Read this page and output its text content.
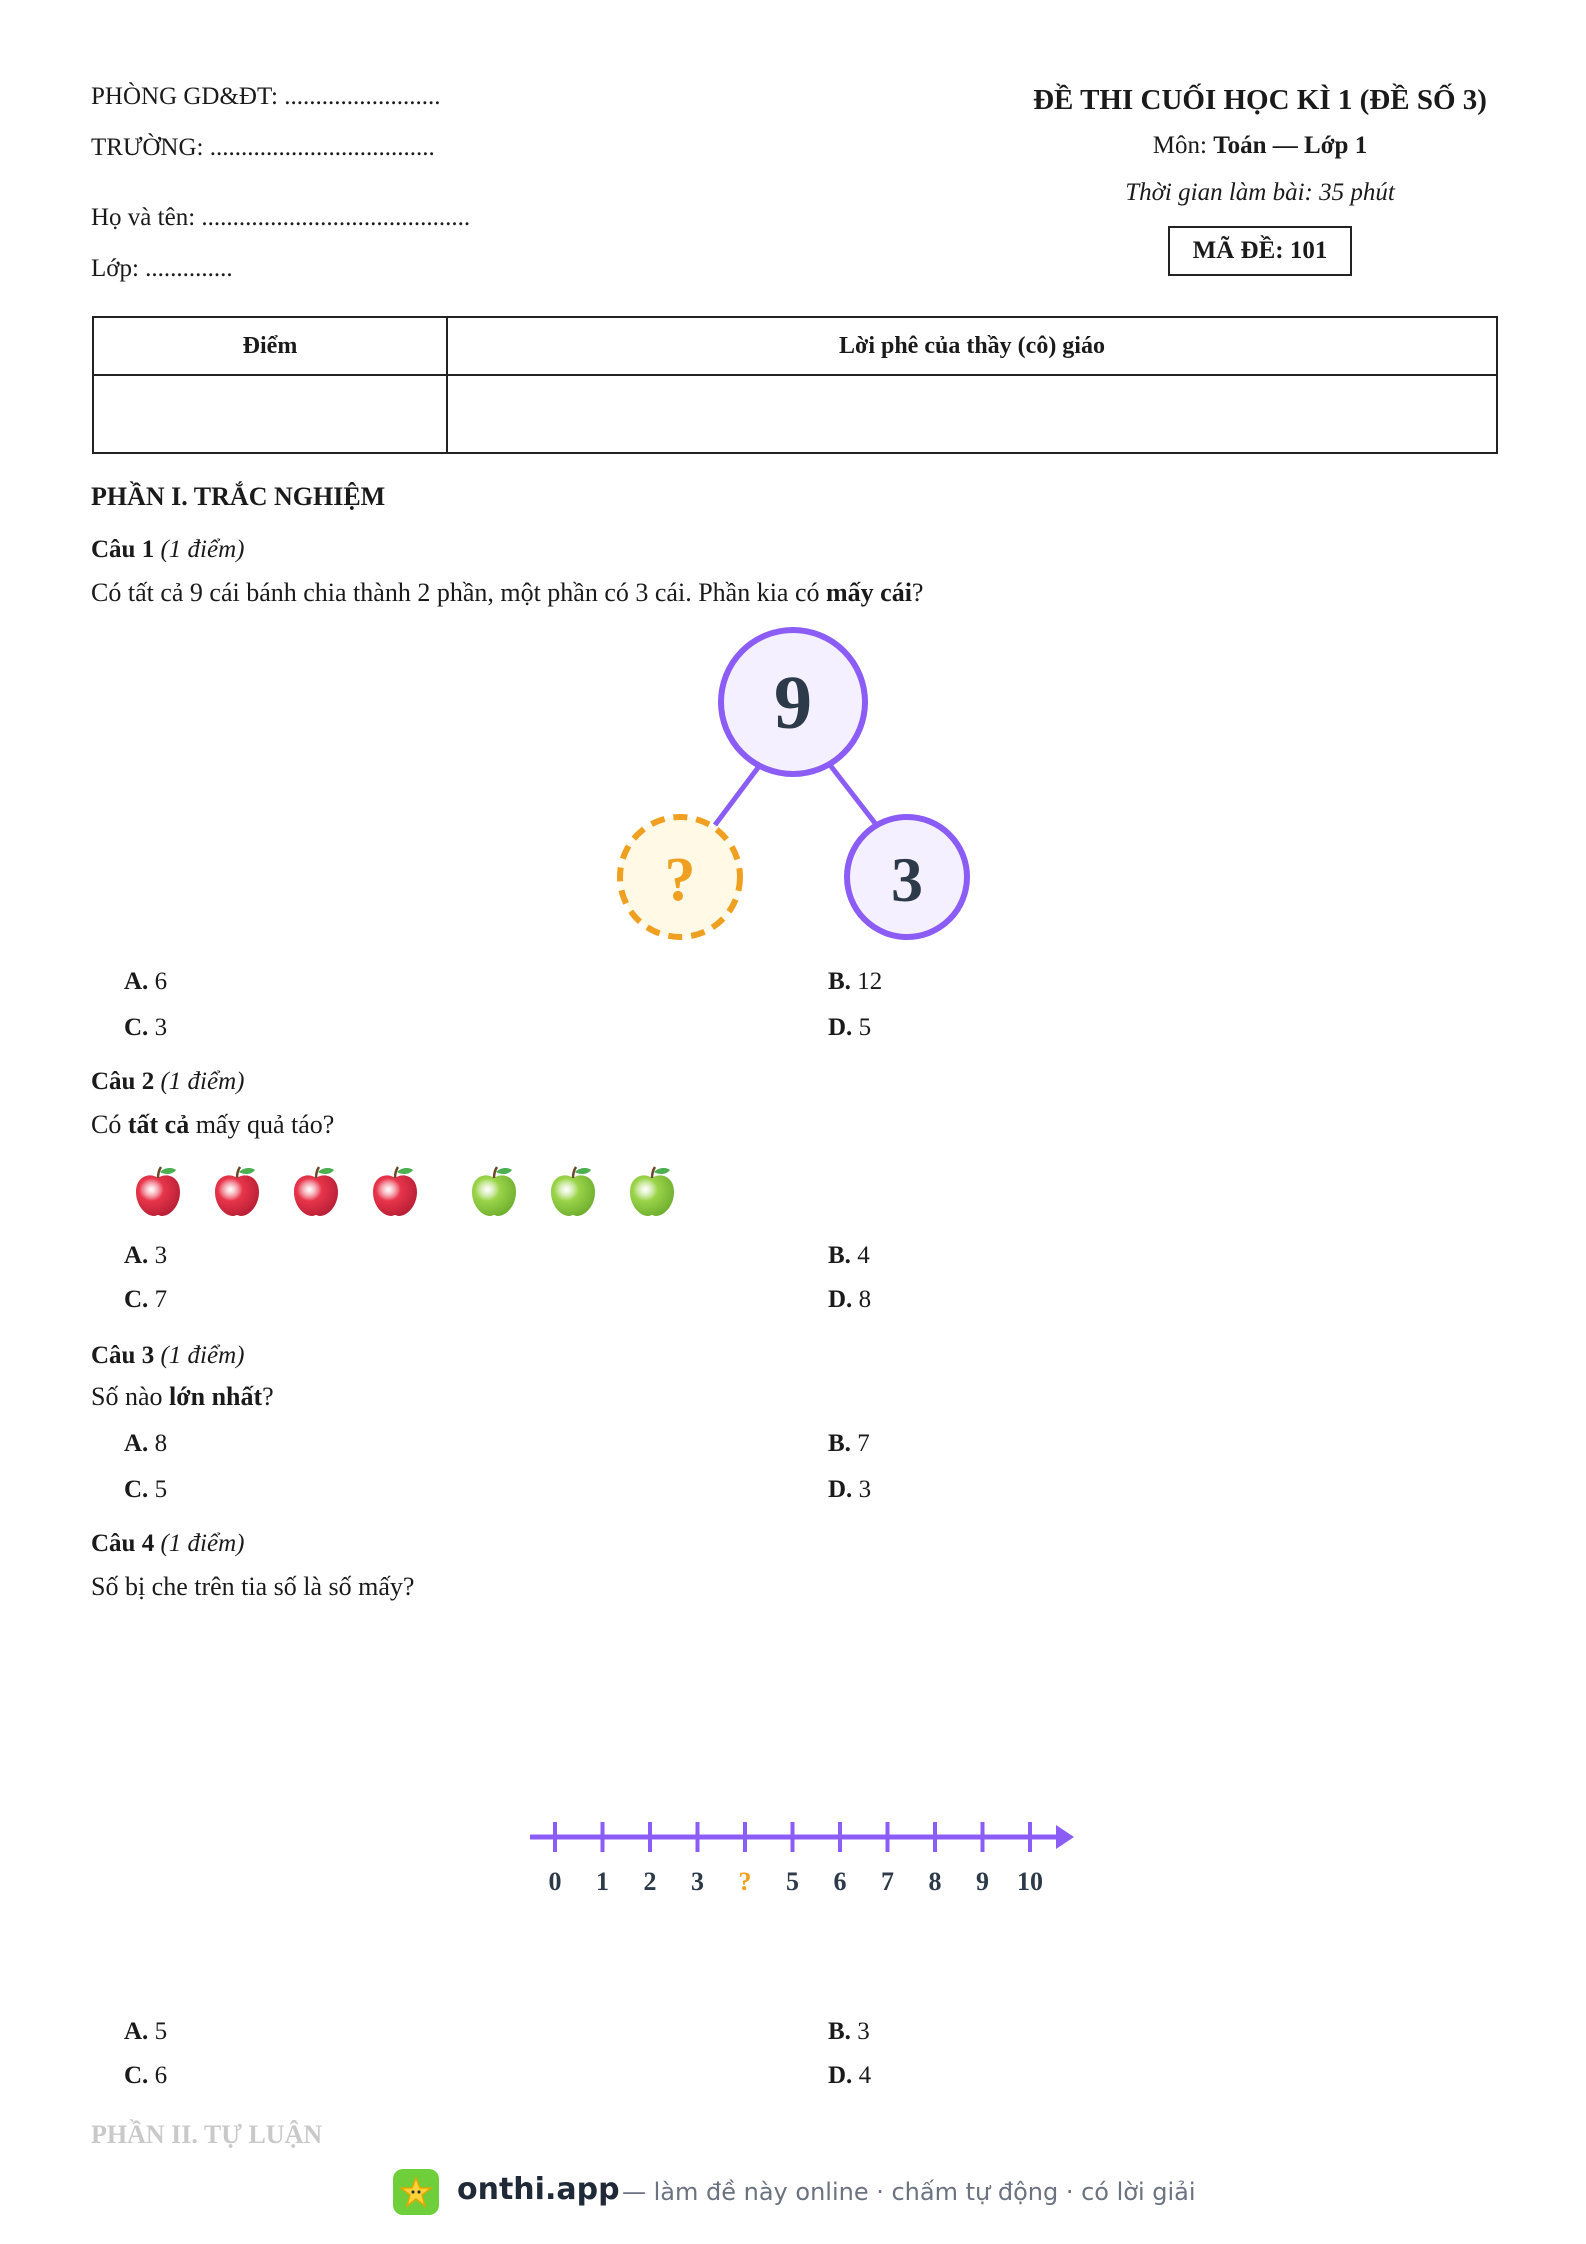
PHÒNG GD&ĐT: .........................
TRƯỜNG: ....................................
Họ và tên: ...........................................
Lớp: ..............
ĐỀ THI CUỐI HỌC KÌ 1 (ĐỀ SỐ 3)
Môn: Toán — Lớp 1
Thời gian làm bài: 35 phút
MÃ ĐỀ: 101
Điểm	Lời phê của thầy (cô) giáo

PHẦN I. TRẮC NGHIỆM
Câu 1 (1 điểm)
Có tất cả 9 cái bánh chia thành 2 phần, một phần có 3 cái. Phần kia có mấy cái?
9
?	3
A. 6	B. 12
C. 3	D. 5
Câu 2 (1 điểm)
Có tất cả mấy quả táo?
A. 3	B. 4
C. 7	D. 8
Câu 3 (1 điểm)
Số nào lớn nhất?
A. 8	B. 7
C. 5	D. 3
Câu 4 (1 điểm)
Số bị che trên tia số là số mấy?
0 1 2 3 ? 5 6 7 8 9 10
A. 5	B. 3
C. 6	D. 4
PHẦN II. TỰ LUẬN
onthi.app — làm đề này online · chấm tự động · có lời giải
